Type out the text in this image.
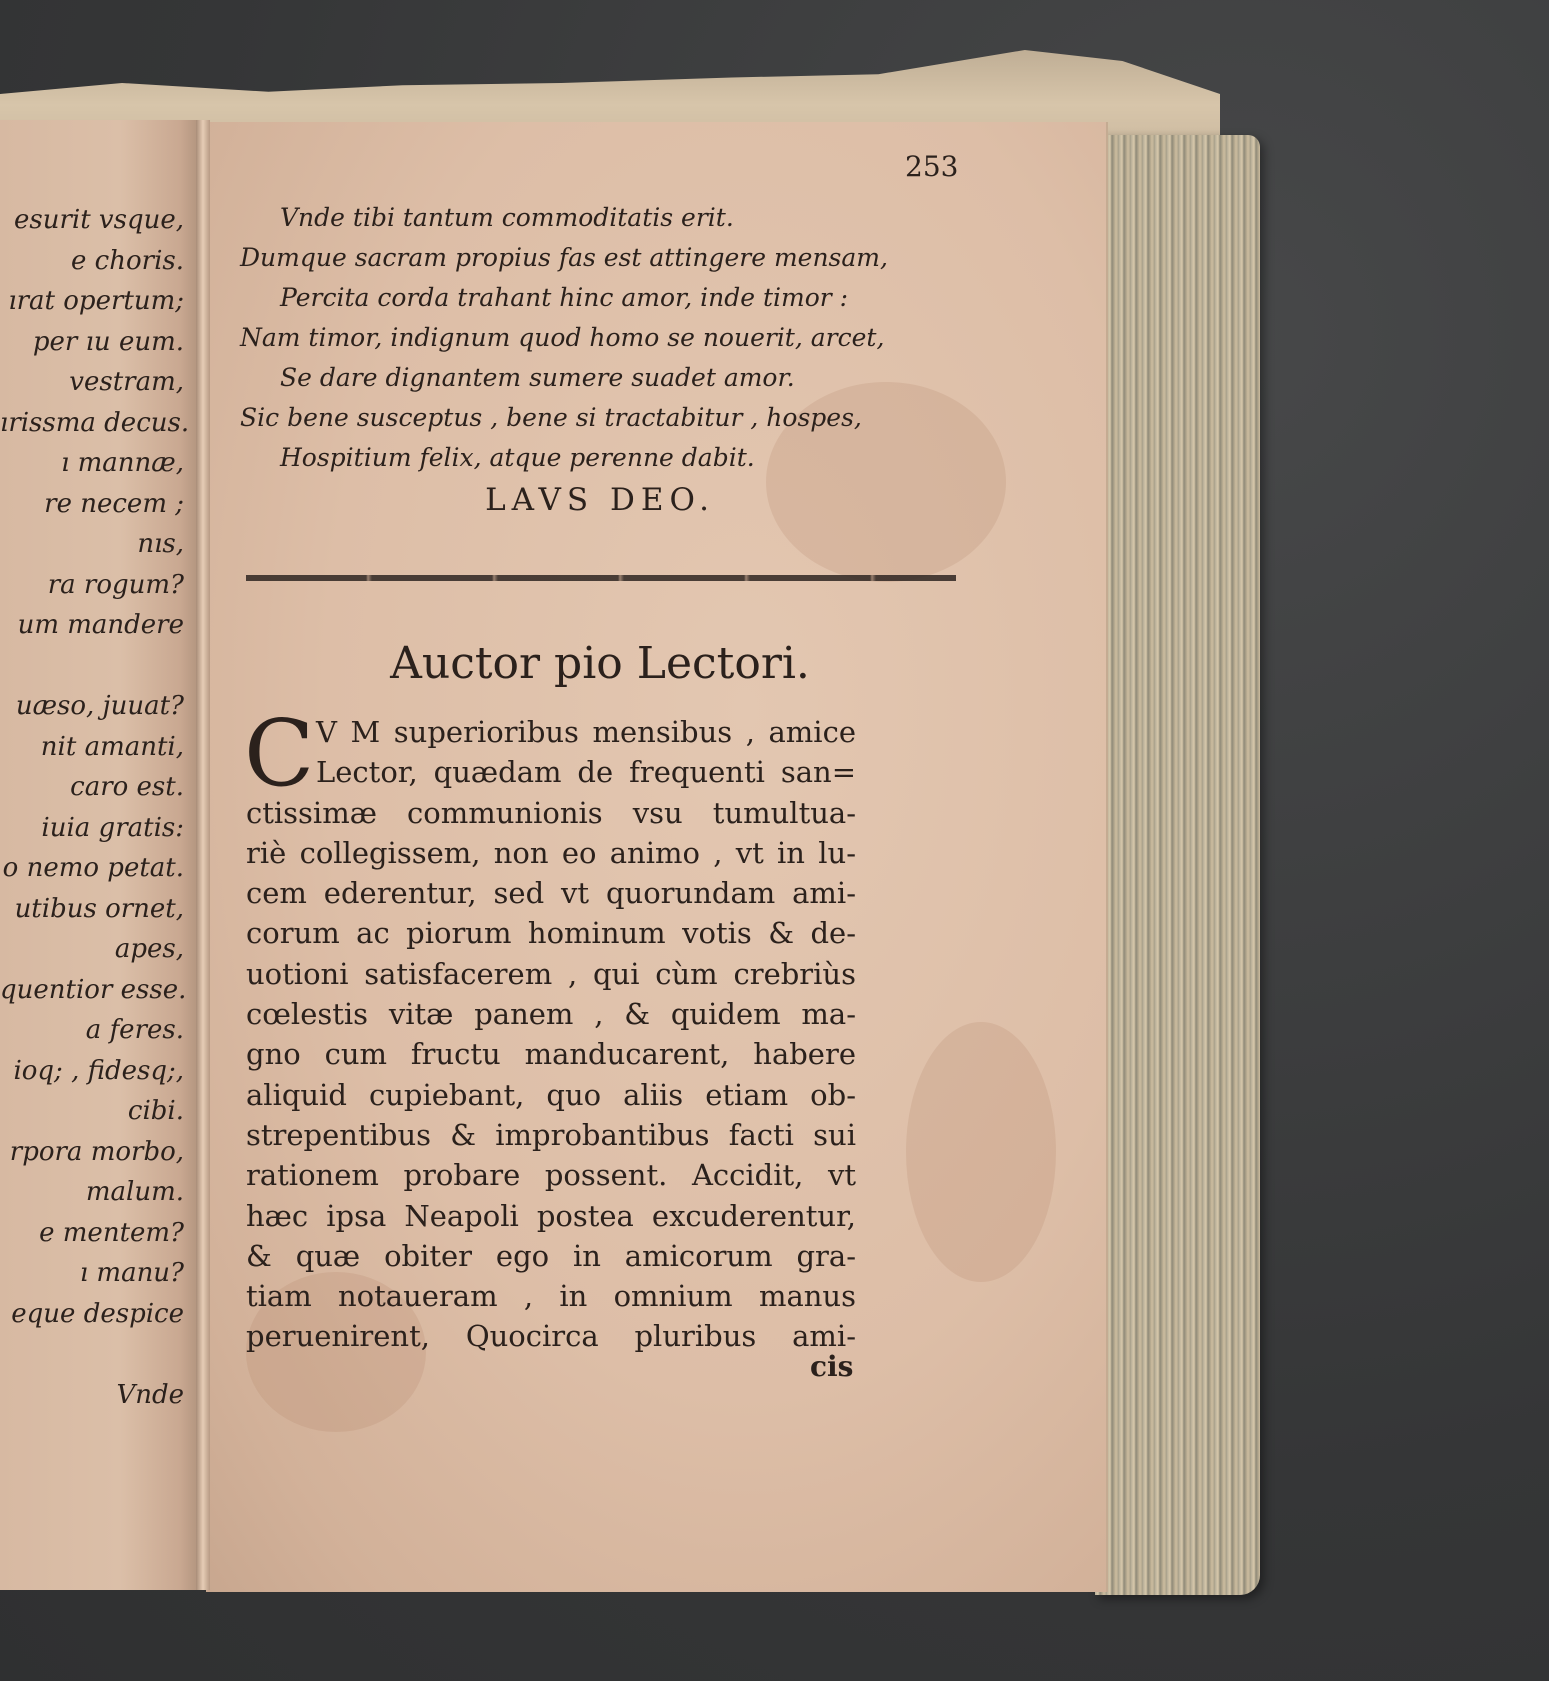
esurit vsque,
e choris.
ırat opertum;
per ıu eum.
vestram,
ırissma decus.
ı mannæ,
re necem ;
nıs,
ra rogum?
um mandere
uæso, juuat?
nit amanti,
caro est.
iuia gratis:
o nemo petat.
utibus ornet,
apes,
quentior esse.
a feres.
ioq; , fidesq;,
cibi.
rpora morbo,
malum.
e mentem?
ı manu?
eque despice
Vnde
253
Vnde tibi tantum commoditatis erit.
Dumque sacram propius fas est attingere mensam,
Percita corda trahant hinc amor, inde timor :
Nam timor, indignum quod homo se nouerit, arcet,
Se dare dignantem sumere suadet amor.
Sic bene susceptus , bene si tractabitur , hospes,
Hospitium felix, atque perenne dabit.
LAVS DEO.
Auctor pio Lectori.
C V M superioribus mensibus , amice
Lector, quædam de frequenti san=
ctissimæ communionis vsu tumultua-
riè collegissem, non eo animo , vt in lu-
cem ederentur, sed vt quorundam ami-
corum ac piorum hominum votis & de-
uotioni satisfacerem , qui cùm crebriùs
cœlestis vitæ panem , & quidem ma-
gno cum fructu manducarent, habere
aliquid cupiebant, quo aliis etiam ob-
strepentibus & improbantibus facti sui
rationem probare possent. Accidit, vt
hæc ipsa Neapoli postea excuderentur,
& quæ obiter ego in amicorum gra-
tiam notaueram , in omnium manus
peruenirent, Quocirca pluribus ami-
cis
